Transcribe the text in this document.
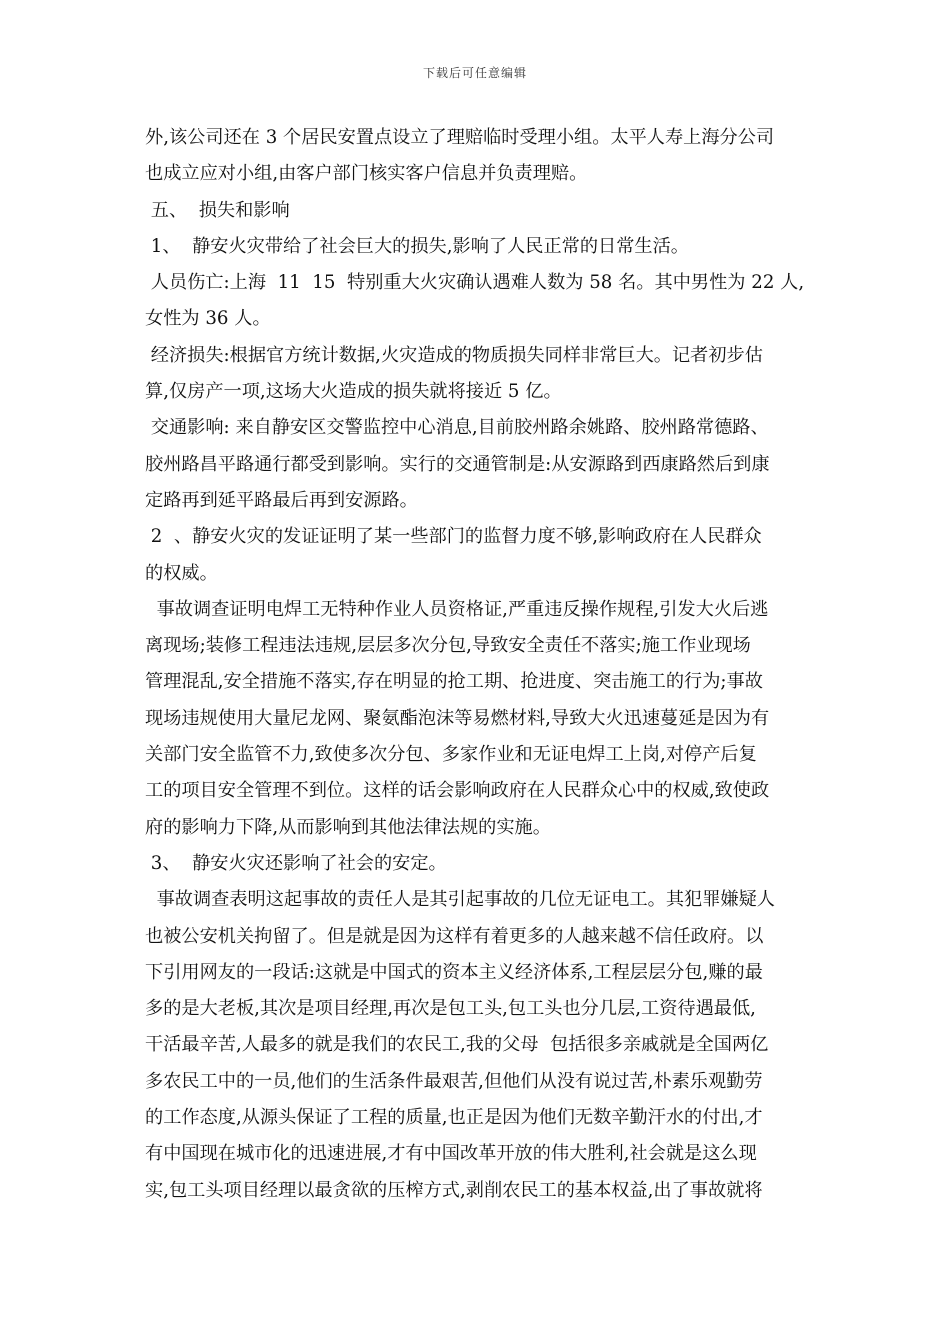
下载后可任意编辑
外,该公司还在 3 个居民安置点设立了理赔临时受理小组。太平人寿上海分公司
也成立应对小组,由客户部门核实客户信息并负责理赔。
五、  损失和影响
1、  静安火灾带给了社会巨大的损失,影响了人民正常的日常生活。
人员伤亡:上海  11  15  特别重大火灾确认遇难人数为 58 名。其中男性为 22 人,
女性为 36 人。
经济损失:根据官方统计数据,火灾造成的物质损失同样非常巨大。记者初步估
算,仅房产一项,这场大火造成的损失就将接近 5 亿。
交通影响: 来自静安区交警监控中心消息,目前胶州路余姚路、胶州路常德路、
胶州路昌平路通行都受到影响。实行的交通管制是:从安源路到西康路然后到康
定路再到延平路最后再到安源路。
2  、静安火灾的发证证明了某一些部门的监督力度不够,影响政府在人民群众
的权威。
事故调查证明电焊工无特种作业人员资格证,严重违反操作规程,引发大火后逃
离现场;装修工程违法违规,层层多次分包,导致安全责任不落实;施工作业现场
管理混乱,安全措施不落实,存在明显的抢工期、抢进度、突击施工的行为;事故
现场违规使用大量尼龙网、聚氨酯泡沫等易燃材料,导致大火迅速蔓延是因为有
关部门安全监管不力,致使多次分包、多家作业和无证电焊工上岗,对停产后复
工的项目安全管理不到位。这样的话会影响政府在人民群众心中的权威,致使政
府的影响力下降,从而影响到其他法律法规的实施。
3、  静安火灾还影响了社会的安定。
事故调查表明这起事故的责任人是其引起事故的几位无证电工。其犯罪嫌疑人
也被公安机关拘留了。但是就是因为这样有着更多的人越来越不信任政府。以
下引用网友的一段话:这就是中国式的资本主义经济体系,工程层层分包,赚的最
多的是大老板,其次是项目经理,再次是包工头,包工头也分几层,工资待遇最低,
干活最辛苦,人最多的就是我们的农民工,我的父母  包括很多亲戚就是全国两亿
多农民工中的一员,他们的生活条件最艰苦,但他们从没有说过苦,朴素乐观勤劳
的工作态度,从源头保证了工程的质量,也正是因为他们无数辛勤汗水的付出,才
有中国现在城市化的迅速进展,才有中国改革开放的伟大胜利,社会就是这么现
实,包工头项目经理以最贪欲的压榨方式,剥削农民工的基本权益,出了事故就将
